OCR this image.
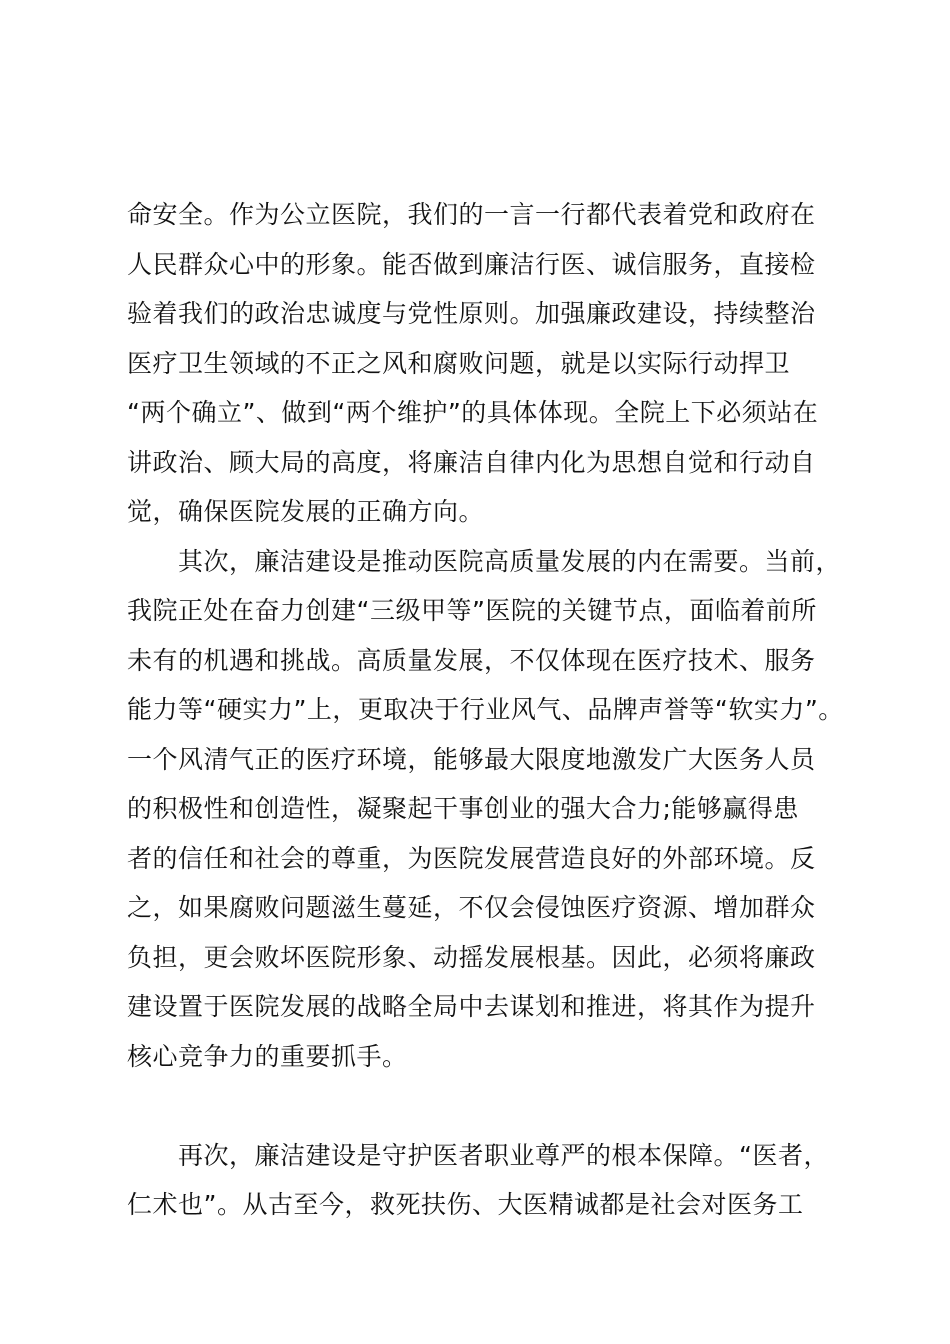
命安全。作为公立医院，我们的一言一行都代表着党和政府在
人民群众心中的形象。能否做到廉洁行医、诚信服务，直接检
验着我们的政治忠诚度与党性原则。加强廉政建设，持续整治
医疗卫生领域的不正之风和腐败问题，就是以实际行动捍卫
“两个确立”、做到“两个维护”的具体体现。全院上下必须站在
讲政治、顾大局的高度，将廉洁自律内化为思想自觉和行动自
觉，确保医院发展的正确方向。
　　其次，廉洁建设是推动医院高质量发展的内在需要。当前，
我院正处在奋力创建“三级甲等”医院的关键节点，面临着前所
未有的机遇和挑战。高质量发展，不仅体现在医疗技术、服务
能力等“硬实力”上，更取决于行业风气、品牌声誉等“软实力”。
一个风清气正的医疗环境，能够最大限度地激发广大医务人员
的积极性和创造性，凝聚起干事创业的强大合力;能够赢得患
者的信任和社会的尊重，为医院发展营造良好的外部环境。反
之，如果腐败问题滋生蔓延，不仅会侵蚀医疗资源、增加群众
负担，更会败坏医院形象、动摇发展根基。因此，必须将廉政
建设置于医院发展的战略全局中去谋划和推进，将其作为提升
核心竞争力的重要抓手。
　　再次，廉洁建设是守护医者职业尊严的根本保障。“医者，
仁术也”。从古至今，救死扶伤、大医精诚都是社会对医务工
